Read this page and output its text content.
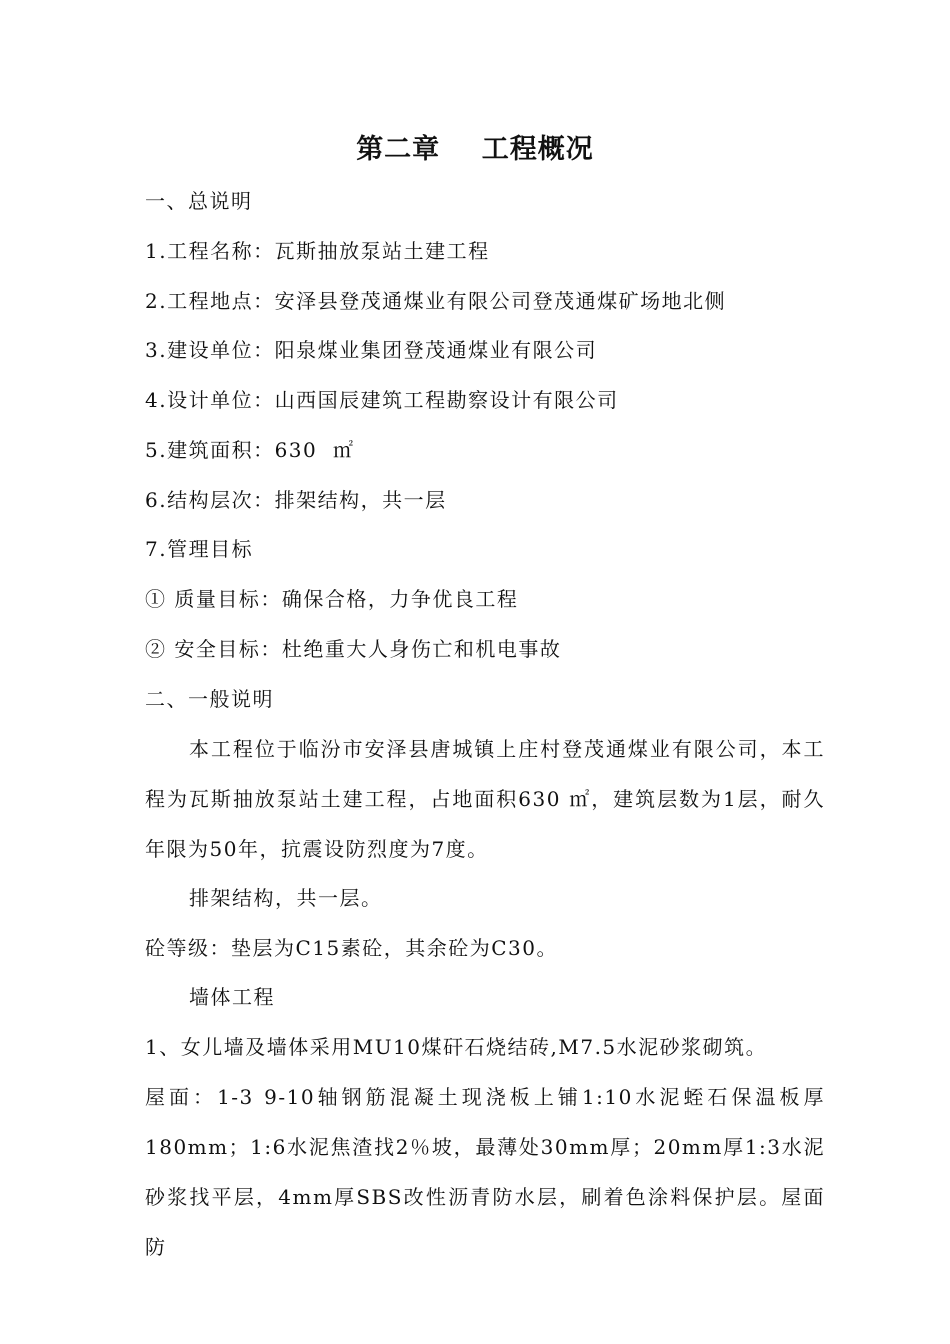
第二章    工程概况
一、总说明
1.工程名称：瓦斯抽放泵站土建工程
2.工程地点：安泽县登茂通煤业有限公司登茂通煤矿场地北侧
3.建设单位：阳泉煤业集团登茂通煤业有限公司
4.设计单位：山西国辰建筑工程勘察设计有限公司
5.建筑面积：630  ㎡
6.结构层次：排架结构，共一层
7.管理目标
① 质量目标：确保合格，力争优良工程
② 安全目标：杜绝重大人身伤亡和机电事故
二、一般说明
本工程位于临汾市安泽县唐城镇上庄村登茂通煤业有限公司，本工程为瓦斯抽放泵站土建工程，占地面积630 ㎡，建筑层数为1层，耐久年限为50年，抗震设防烈度为7度。
排架结构，共一层。
砼等级：垫层为C15素砼，其余砼为C30。
墙体工程
1、女儿墙及墙体采用MU10煤矸石烧结砖,M7.5水泥砂浆砌筑。
屋面：1-3 9-10轴钢筋混凝土现浇板上铺1:10水泥蛭石保温板厚180mm；1:6水泥焦渣找2％坡，最薄处30mm厚；20mm厚1:3水泥砂浆找平层，4mm厚SBS改性沥青防水层，刷着色涂料保护层。屋面防
